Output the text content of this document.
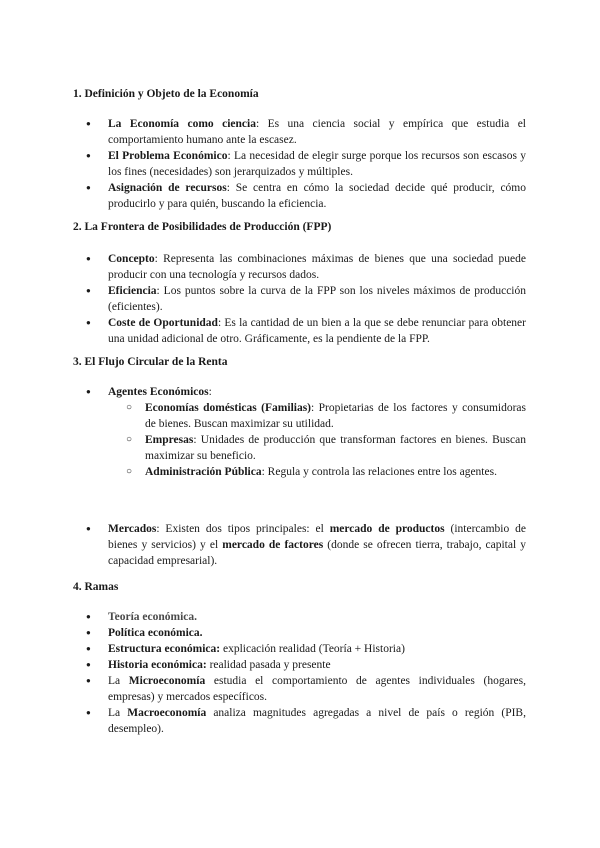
1. Definición y Objeto de la Economía
● La Economía como ciencia: Es una ciencia social y empírica que estudia el comportamiento humano ante la escasez.
● El Problema Económico: La necesidad de elegir surge porque los recursos son escasos y los fines (necesidades) son jerarquizados y múltiples.
● Asignación de recursos: Se centra en cómo la sociedad decide qué producir, cómo producirlo y para quién, buscando la eficiencia.
2. La Frontera de Posibilidades de Producción (FPP)
● Concepto: Representa las combinaciones máximas de bienes que una sociedad puede producir con una tecnología y recursos dados.
● Eficiencia: Los puntos sobre la curva de la FPP son los niveles máximos de producción (eficientes).
● Coste de Oportunidad: Es la cantidad de un bien a la que se debe renunciar para obtener una unidad adicional de otro. Gráficamente, es la pendiente de la FPP.
3. El Flujo Circular de la Renta
● Agentes Económicos:
○ Economías domésticas (Familias): Propietarias de los factores y consumidoras de bienes. Buscan maximizar su utilidad.
○ Empresas: Unidades de producción que transforman factores en bienes. Buscan maximizar su beneficio.
○ Administración Pública: Regula y controla las relaciones entre los agentes.
● Mercados: Existen dos tipos principales: el mercado de productos (intercambio de bienes y servicios) y el mercado de factores (donde se ofrecen tierra, trabajo, capital y capacidad empresarial).
4. Ramas
● Teoría económica.
● Política económica.
● Estructura económica: explicación realidad (Teoría + Historia)
● Historia económica: realidad pasada y presente
● La Microeconomía estudia el comportamiento de agentes individuales (hogares, empresas) y mercados específicos.
● La Macroeconomía analiza magnitudes agregadas a nivel de país o región (PIB, desempleo).
